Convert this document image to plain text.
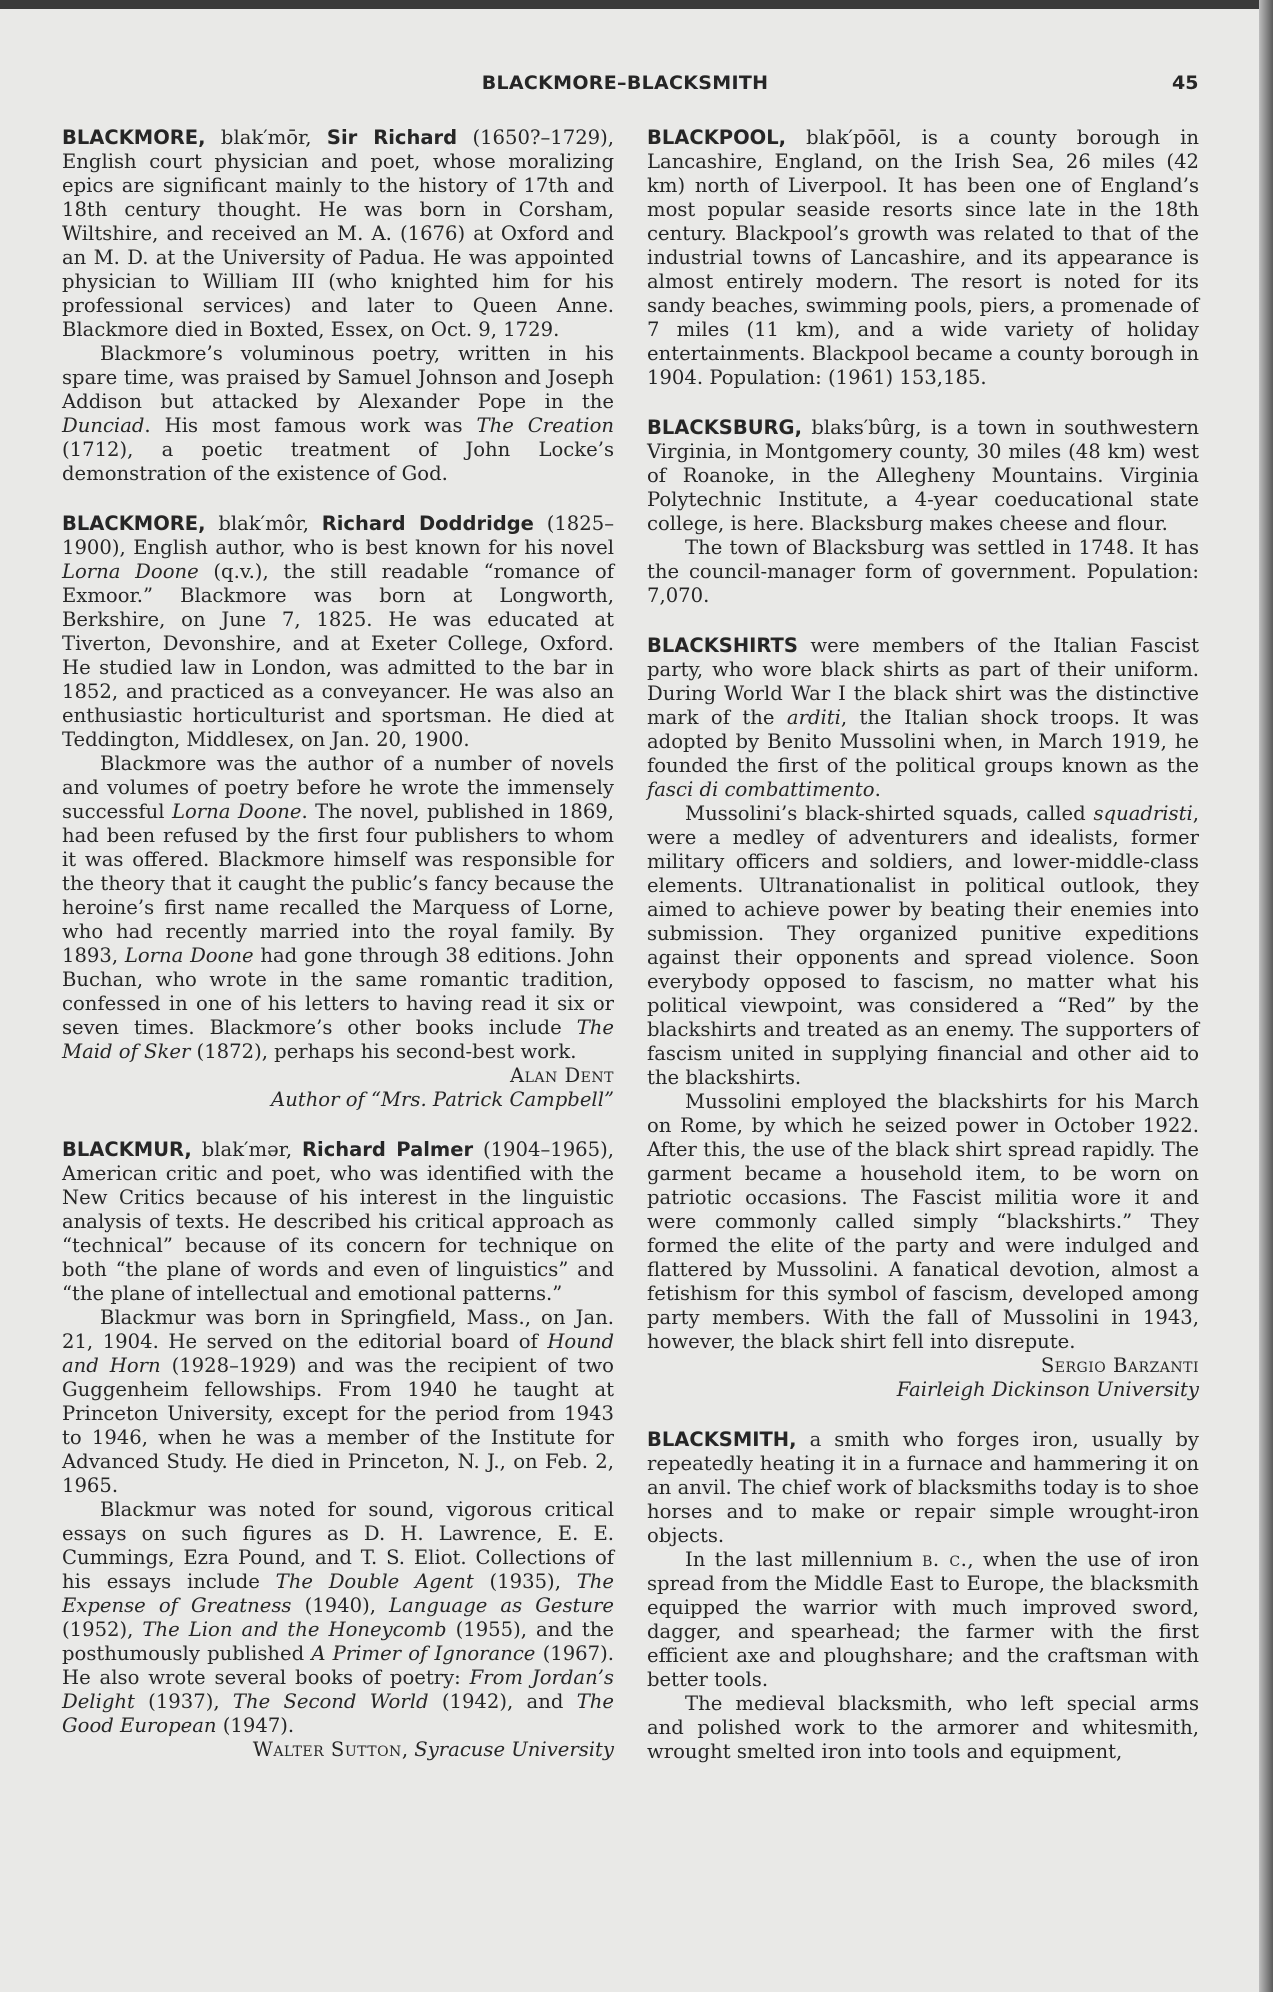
BLACKMORE–BLACKSMITH	45

BLACKMORE, blak′mōr, Sir Richard (1650?–1729), English court physician and poet, whose moralizing epics are significant mainly to the history of 17th and 18th century thought. He was born in Corsham, Wiltshire, and received an M. A. (1676) at Oxford and an M. D. at the University of Padua. He was appointed physician to William III (who knighted him for his professional services) and later to Queen Anne. Blackmore died in Boxted, Essex, on Oct. 9, 1729.

Blackmore’s voluminous poetry, written in his spare time, was praised by Samuel Johnson and Joseph Addison but attacked by Alexander Pope in the Dunciad. His most famous work was The Creation (1712), a poetic treatment of John Locke’s demonstration of the existence of God.

BLACKMORE, blak′môr, Richard Doddridge (1825–1900), English author, who is best known for his novel Lorna Doone (q.v.), the still readable “romance of Exmoor.” Blackmore was born at Longworth, Berkshire, on June 7, 1825. He was educated at Tiverton, Devonshire, and at Exeter College, Oxford. He studied law in London, was admitted to the bar in 1852, and practiced as a conveyancer. He was also an enthusiastic horticulturist and sportsman. He died at Teddington, Middlesex, on Jan. 20, 1900.

Blackmore was the author of a number of novels and volumes of poetry before he wrote the immensely successful Lorna Doone. The novel, published in 1869, had been refused by the first four publishers to whom it was offered. Blackmore himself was responsible for the theory that it caught the public’s fancy because the heroine’s first name recalled the Marquess of Lorne, who had recently married into the royal family. By 1893, Lorna Doone had gone through 38 editions. John Buchan, who wrote in the same romantic tradition, confessed in one of his letters to having read it six or seven times. Blackmore’s other books include The Maid of Sker (1872), perhaps his second-best work.

Alan Dent
Author of “Mrs. Patrick Campbell”

BLACKMUR, blak′mər, Richard Palmer (1904–1965), American critic and poet, who was identified with the New Critics because of his interest in the linguistic analysis of texts. He described his critical approach as “technical” because of its concern for technique on both “the plane of words and even of linguistics” and “the plane of intellectual and emotional patterns.”

Blackmur was born in Springfield, Mass., on Jan. 21, 1904. He served on the editorial board of Hound and Horn (1928–1929) and was the recipient of two Guggenheim fellowships. From 1940 he taught at Princeton University, except for the period from 1943 to 1946, when he was a member of the Institute for Advanced Study. He died in Princeton, N. J., on Feb. 2, 1965.

Blackmur was noted for sound, vigorous critical essays on such figures as D. H. Lawrence, E. E. Cummings, Ezra Pound, and T. S. Eliot. Collections of his essays include The Double Agent (1935), The Expense of Greatness (1940), Language as Gesture (1952), The Lion and the Honeycomb (1955), and the posthumously published A Primer of Ignorance (1967). He also wrote several books of poetry: From Jordan’s Delight (1937), The Second World (1942), and The Good European (1947).

Walter Sutton, Syracuse University

BLACKPOOL, blak′pōōl, is a county borough in Lancashire, England, on the Irish Sea, 26 miles (42 km) north of Liverpool. It has been one of England’s most popular seaside resorts since late in the 18th century. Blackpool’s growth was related to that of the industrial towns of Lancashire, and its appearance is almost entirely modern. The resort is noted for its sandy beaches, swimming pools, piers, a promenade of 7 miles (11 km), and a wide variety of holiday entertainments. Blackpool became a county borough in 1904. Population: (1961) 153,185.

BLACKSBURG, blaks′bûrg, is a town in southwestern Virginia, in Montgomery county, 30 miles (48 km) west of Roanoke, in the Allegheny Mountains. Virginia Polytechnic Institute, a 4-year coeducational state college, is here. Blacksburg makes cheese and flour.

The town of Blacksburg was settled in 1748. It has the council-manager form of government. Population: 7,070.

BLACKSHIRTS were members of the Italian Fascist party, who wore black shirts as part of their uniform. During World War I the black shirt was the distinctive mark of the arditi, the Italian shock troops. It was adopted by Benito Mussolini when, in March 1919, he founded the first of the political groups known as the fasci di combattimento.

Mussolini’s black-shirted squads, called squadristi, were a medley of adventurers and idealists, former military officers and soldiers, and lower-middle-class elements. Ultranationalist in political outlook, they aimed to achieve power by beating their enemies into submission. They organized punitive expeditions against their opponents and spread violence. Soon everybody opposed to fascism, no matter what his political viewpoint, was considered a “Red” by the blackshirts and treated as an enemy. The supporters of fascism united in supplying financial and other aid to the blackshirts.

Mussolini employed the blackshirts for his March on Rome, by which he seized power in October 1922. After this, the use of the black shirt spread rapidly. The garment became a household item, to be worn on patriotic occasions. The Fascist militia wore it and were commonly called simply “blackshirts.” They formed the elite of the party and were indulged and flattered by Mussolini. A fanatical devotion, almost a fetishism for this symbol of fascism, developed among party members. With the fall of Mussolini in 1943, however, the black shirt fell into disrepute.

Sergio Barzanti
Fairleigh Dickinson University

BLACKSMITH, a smith who forges iron, usually by repeatedly heating it in a furnace and hammering it on an anvil. The chief work of blacksmiths today is to shoe horses and to make or repair simple wrought-iron objects.

In the last millennium b. c., when the use of iron spread from the Middle East to Europe, the blacksmith equipped the warrior with much improved sword, dagger, and spearhead; the farmer with the first efficient axe and ploughshare; and the craftsman with better tools.

The medieval blacksmith, who left special arms and polished work to the armorer and whitesmith, wrought smelted iron into tools and equipment,
